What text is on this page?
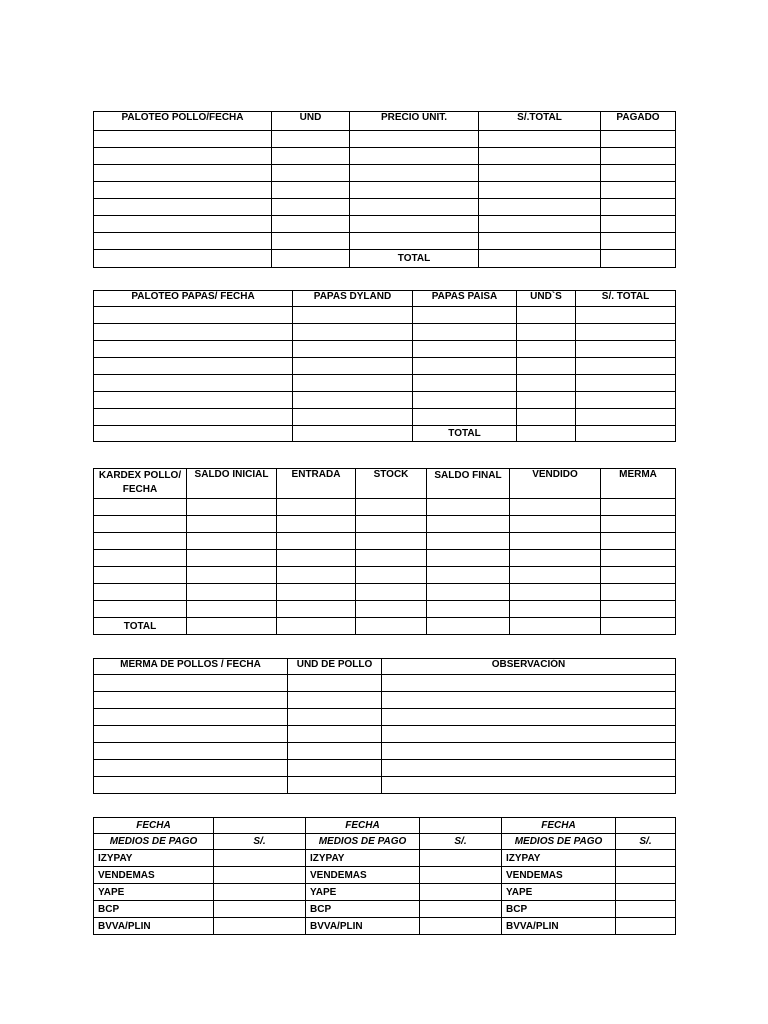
PALOTEO POLLO/FECHA	UND	PRECIO UNIT.	S/.TOTAL	PAGADO

		TOTAL		
PALOTEO PAPAS/ FECHA	PAPAS DYLAND	PAPAS PAISA	UND`S	S/. TOTAL

		TOTAL		
KARDEX POLLO/ FECHA	SALDO INICIAL	ENTRADA	STOCK	SALDO FINAL	VENDIDO	MERMA

TOTAL						
MERMA DE POLLOS / FECHA	UND DE POLLO	OBSERVACIÓN

FECHA		FECHA		FECHA	
MEDIOS DE PAGO	S/.	MEDIOS DE PAGO	S/.	MEDIOS DE PAGO	S/.
IZYPAY		IZYPAY		IZYPAY	
VENDEMAS		VENDEMAS		VENDEMAS	
YAPE		YAPE		YAPE	
BCP		BCP		BCP	
BVVA/PLIN		BVVA/PLIN		BVVA/PLIN	
